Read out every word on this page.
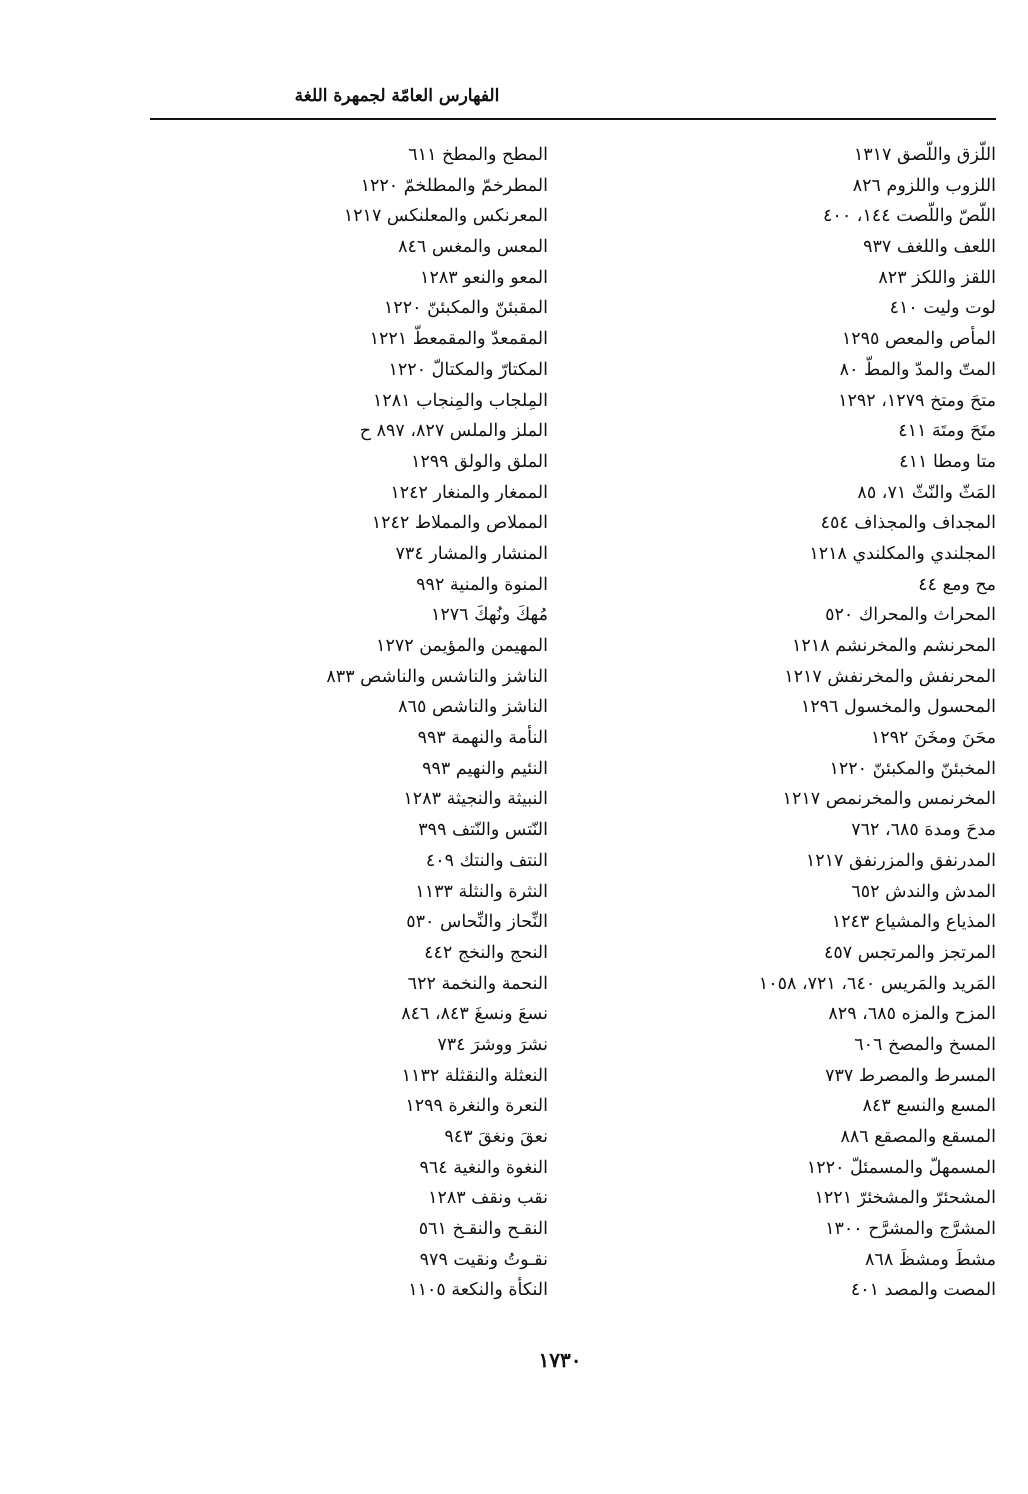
الفهارس العامّة لجمهرة اللغة
اللّزق واللّصق ١٣١٧
اللزوب واللزوم ٨٢٦
اللّصّ واللّصت ١٤٤، ٤٠٠
اللعف واللغف ٩٣٧
اللقز واللكز ٨٢٣
لوت وليت ٤١٠
المأص والمعص ١٢٩٥
المتّ والمدّ والمطّ ٨٠
متحَ ومتخ ١٢٧٩، ١٢٩٢
متَحَ ومتَهَ ٤١١
متا ومطا ٤١١
المَثّ والنّثّ ٧١، ٨٥
المجداف والمجذاف ٤٥٤
المجلندي والمكلندي ١٢١٨
مح ومع ٤٤
المحراث والمحراك ٥٢٠
المحرنشم والمخرنشم ١٢١٨
المحرنفش والمخرنفش ١٢١٧
المحسول والمخسول ١٢٩٦
محَنَ ومخَنَ ١٢٩٢
المخبئنّ والمكبئنّ ١٢٢٠
المخرنمس والمخرنمص ١٢١٧
مدحَ ومدهَ ٦٨٥، ٧٦٢
المدرنفق والمزرنفق ١٢١٧
المدش والندش ٦٥٢
المذياع والمشياع ١٢٤٣
المرتجز والمرتجس ٤٥٧
المَريد والمَريس ٦٤٠، ٧٢١، ١٠٥٨
المزح والمزه ٦٨٥، ٨٢٩
المسخ والمصخ ٦٠٦
المسرط والمصرط ٧٣٧
المسع والنسع ٨٤٣
المسقع والمصقع ٨٨٦
المسمهلّ والمسمئلّ ١٢٢٠
المشحئرّ والمشخئرّ ١٢٢١
المشرَّج والمشرَّح ١٣٠٠
مشطَ ومشظَ ٨٦٨
المصت والمصد ٤٠١
المطح والمطخ ٦١١
المطرخمّ والمطلخمّ ١٢٢٠
المعرنكس والمعلنكس ١٢١٧
المعس والمغس ٨٤٦
المعو والنعو ١٢٨٣
المقبئنّ والمكبئنّ ١٢٢٠
المقمعدّ والمقمعطّ ١٢٢١
المكتارّ والمكتالّ ١٢٢٠
المِلجاب والمِنجاب ١٢٨١
الملز والملس ٨٢٧، ٨٩٧ ح
الملق والولق ١٢٩٩
الممغار والمنغار ١٢٤٢
المملاص والمملاط ١٢٤٢
المنشار والمشار ٧٣٤
المنوة والمنية ٩٩٢
مُهكَ ونُهكَ ١٢٧٦
المهيمن والمؤيمن ١٢٧٢
الناشز والناشس والناشص ٨٣٣
الناشز والناشص ٨٦٥
النأمة والنهمة ٩٩٣
النئيم والنهيم ٩٩٣
النبيثة والنجيثة ١٢٨٣
النّتس والنّتف ٣٩٩
النتف والنتك ٤٠٩
النثرة والنثلة ١١٣٣
النِّحاز والنِّحاس ٥٣٠
النحج والنخج ٤٤٢
النحمة والنخمة ٦٢٢
نسعَ ونسغَ ٨٤٣، ٨٤٦
نشرَ ووشرَ ٧٣٤
النعثلة والنقثلة ١١٣٢
النعرة والنغرة ١٢٩٩
نعقَ ونغقَ ٩٤٣
النغوة والنغية ٩٦٤
نقب ونقف ١٢٨٣
النقـح والنقـخ ٥٦١
نقـوتُ ونقيت ٩٧٩
النكأة والنكعة ١١٠٥
١٧٣٠
